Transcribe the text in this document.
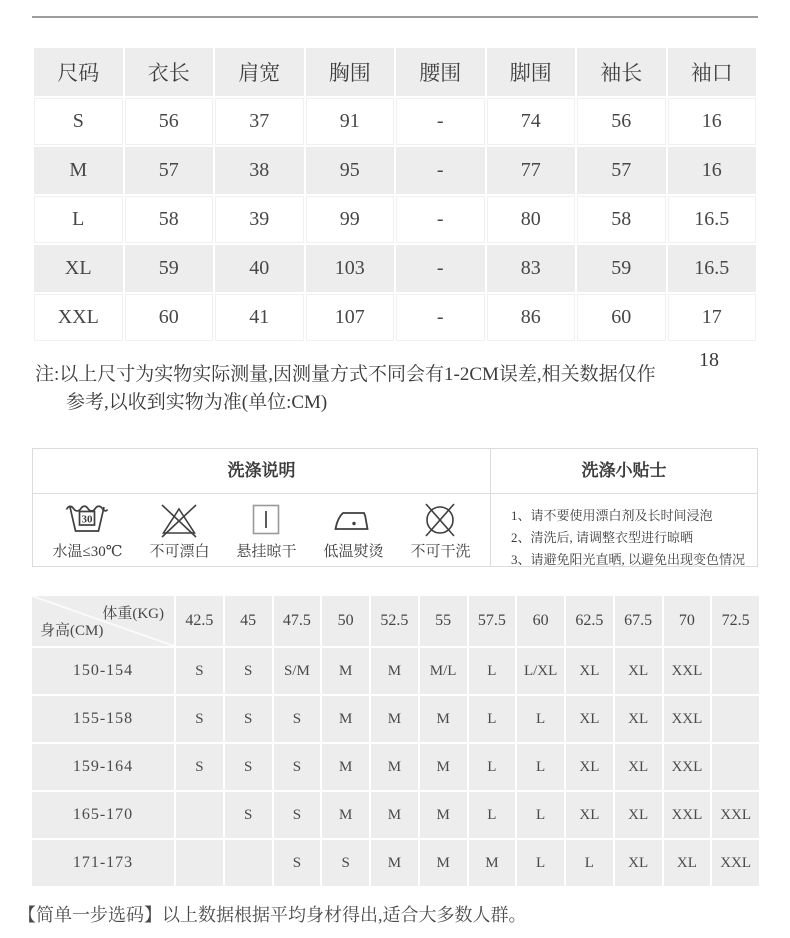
尺码	衣长	肩宽	胸围	腰围	脚围	袖长	袖口
S	56	37	91	-	74	56	16
M	57	38	95	-	77	57	16
L	58	39	99	-	80	58	16.5
XL	59	40	103	-	83	59	16.5
XXL	60	41	107	-	86	60	17
18
注:以上尺寸为实物实际测量,因测量方式不同会有1-2CM误差,相关数据仅作
参考,以收到实物为准(单位:CM)
洗涤说明
30
水温≤30℃ 不可漂白 悬挂晾干 低温熨烫 不可干洗
洗涤小贴士
1、请不要使用漂白剂及长时间浸泡
2、清洗后, 请调整衣型进行晾晒
3、请避免阳光直晒, 以避免出现变色情况
体重(KG)
身高(CM)	42.5	45	47.5	50	52.5	55	57.5	60	62.5	67.5	70	72.5
150-154	S	S	S/M	M	M	M/L	L	L/XL	XL	XL	XXL	
155-158	S	S	S	M	M	M	L	L	XL	XL	XXL	
159-164	S	S	S	M	M	M	L	L	XL	XL	XXL	
165-170		S	S	M	M	M	L	L	XL	XL	XXL	XXL
171-173			S	S	M	M	M	L	L	XL	XL	XXL
【简单一步选码】以上数据根据平均身材得出,适合大多数人群。
